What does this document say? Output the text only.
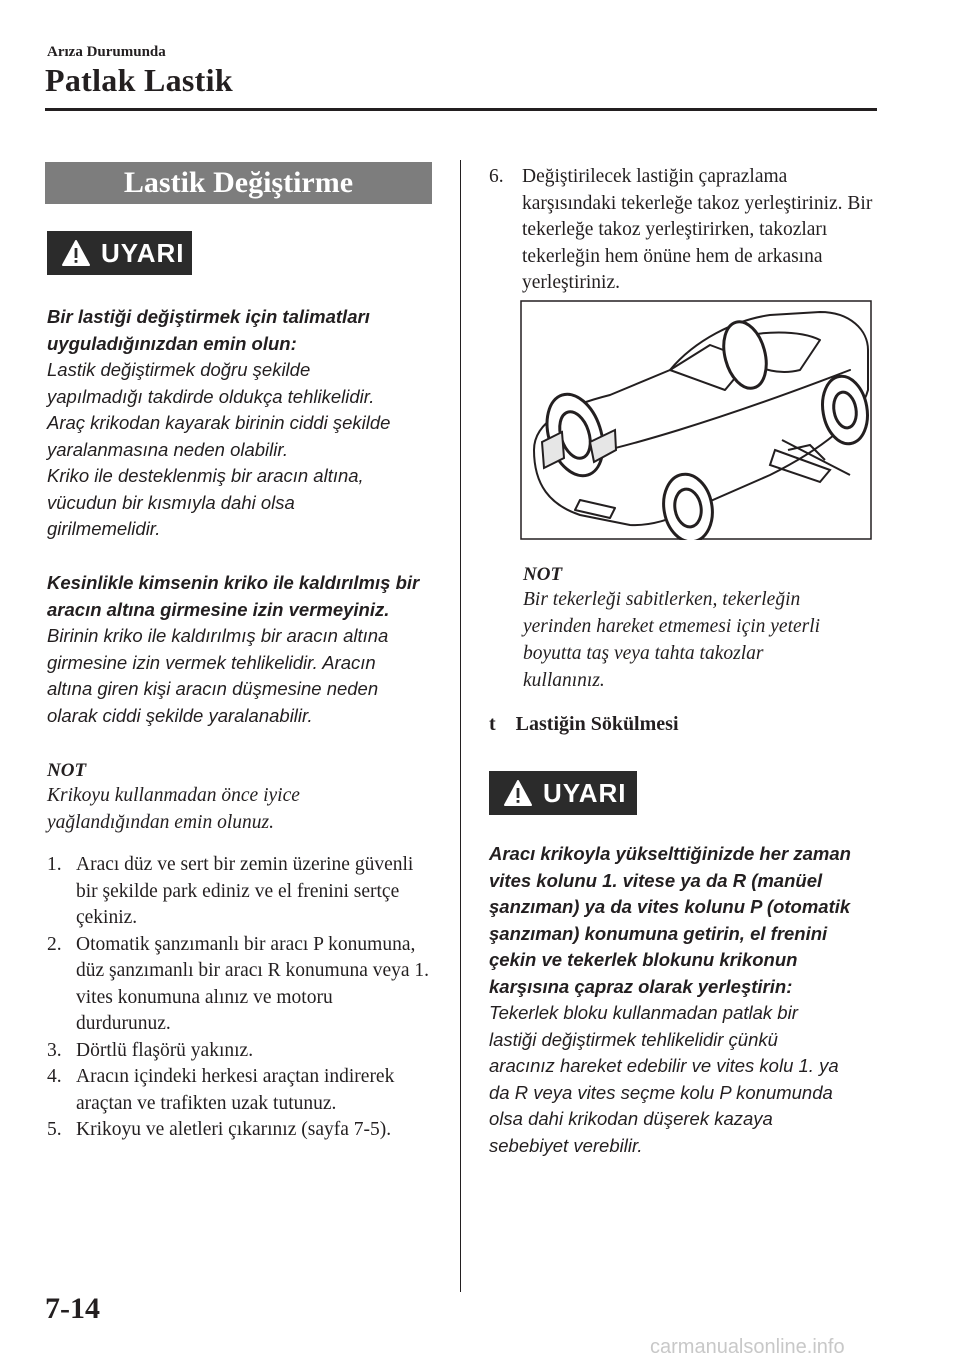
Arıza Durumunda
Patlak Lastik
Lastik Değiştirme
UYARI
Bir lastiği değiştirmek için talimatları
uyguladığınızdan emin olun:
Lastik değiştirmek doğru şekilde
yapılmadığı takdirde oldukça tehlikelidir.
Araç krikodan kayarak birinin ciddi şekilde
yaralanmasına neden olabilir.
Kriko ile desteklenmiş bir aracın altına,
vücudun bir kısmıyla dahi olsa
girilmemelidir.
Kesinlikle kimsenin kriko ile kaldırılmış bir
aracın altına girmesine izin vermeyiniz.
Birinin kriko ile kaldırılmış bir aracın altına
girmesine izin vermek tehlikelidir. Aracın
altına giren kişi aracın düşmesine neden
olarak ciddi şekilde yaralanabilir.
NOT
Krikoyu kullanmadan önce iyice
yağlandığından emin olunuz.
1. Aracı düz ve sert bir zemin üzerine güvenli bir şekilde park ediniz ve el frenini sertçe çekiniz.
2. Otomatik şanzımanlı bir aracı P konumuna, düz şanzımanlı bir aracı R konumuna veya 1. vites konumuna alınız ve motoru durdurunuz.
3. Dörtlü flaşörü yakınız.
4. Aracın içindeki herkesi araçtan indirerek araçtan ve trafikten uzak tutunuz.
5. Krikoyu ve aletleri çıkarınız (sayfa 7-5).
6. Değiştirilecek lastiğin çaprazlama karşısındaki tekerleğe takoz yerleştiriniz. Bir tekerleğe takoz yerleştirirken, takozları tekerleğin hem önüne hem de arkasına yerleştiriniz.
NOT
Bir tekerleği sabitlerken, tekerleğin
yerinden hareket etmemesi için yeterli
boyutta taş veya tahta takozlar
kullanınız.
t Lastiğin Sökülmesi
UYARI
Aracı krikoyla yükselttiğinizde her zaman
vites kolunu 1. vitese ya da R (manüel
şanzıman) ya da vites kolunu P (otomatik
şanzıman) konumuna getirin, el frenini
çekin ve tekerlek blokunu krikonun
karşısına çapraz olarak yerleştirin:
Tekerlek bloku kullanmadan patlak bir
lastiği değiştirmek tehlikelidir çünkü
aracınız hareket edebilir ve vites kolu 1. ya
da R veya vites seçme kolu P konumunda
olsa dahi krikodan düşerek kazaya
sebebiyet verebilir.
7-14
carmanualsonline.info
